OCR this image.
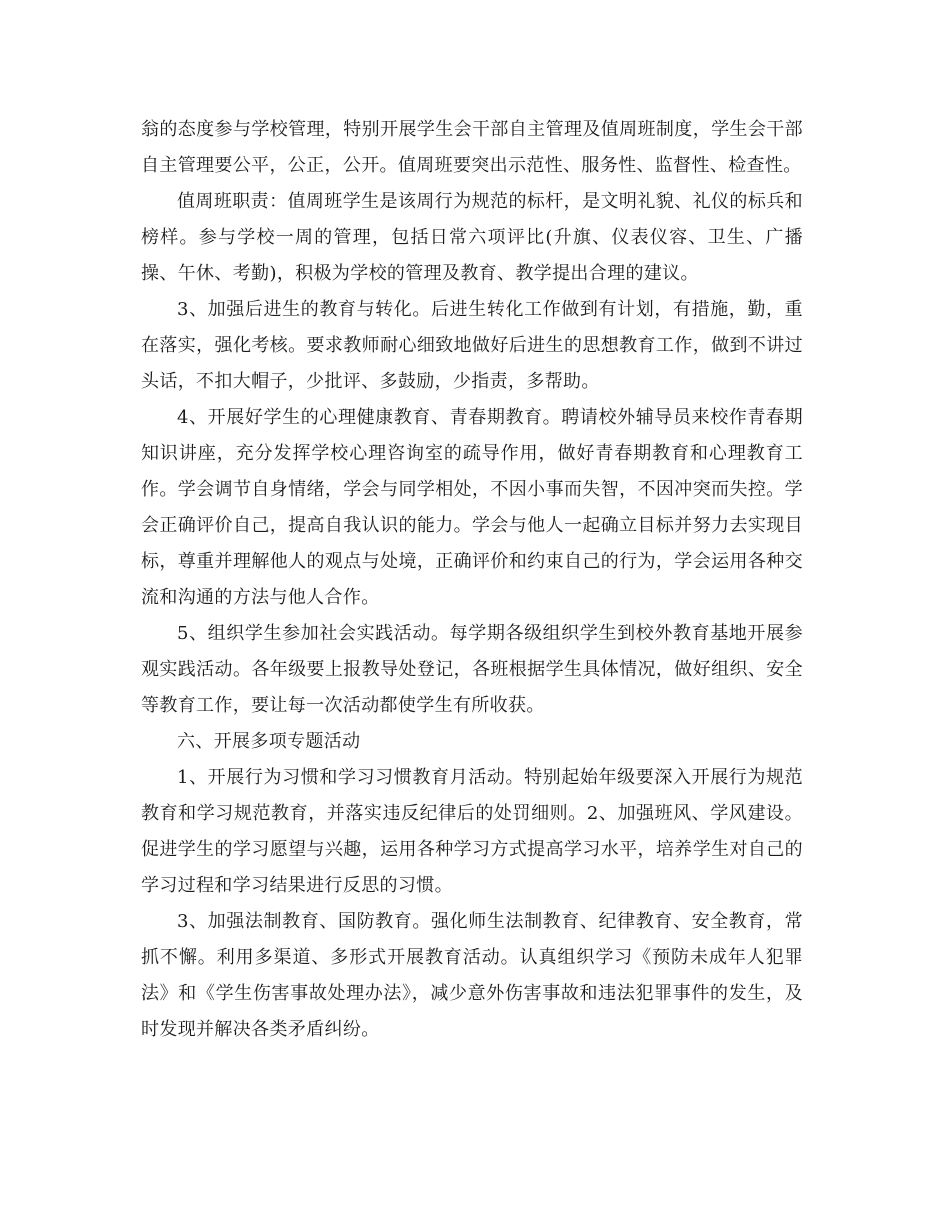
翁的态度参与学校管理，特别开展学生会干部自主管理及值周班制度，学生会干部自主管理要公平，公正，公开。值周班要突出示范性、服务性、监督性、检查性。

值周班职责：值周班学生是该周行为规范的标杆，是文明礼貌、礼仪的标兵和榜样。参与学校一周的管理，包括日常六项评比(升旗、仪表仪容、卫生、广播操、午休、考勤)，积极为学校的管理及教育、教学提出合理的建议。

3、加强后进生的教育与转化。后进生转化工作做到有计划，有措施，勤，重在落实，强化考核。要求教师耐心细致地做好后进生的思想教育工作，做到不讲过头话，不扣大帽子，少批评、多鼓励，少指责，多帮助。

4、开展好学生的心理健康教育、青春期教育。聘请校外辅导员来校作青春期知识讲座，充分发挥学校心理咨询室的疏导作用，做好青春期教育和心理教育工作。学会调节自身情绪，学会与同学相处，不因小事而失智，不因冲突而失控。学会正确评价自己，提高自我认识的能力。学会与他人一起确立目标并努力去实现目标，尊重并理解他人的观点与处境，正确评价和约束自己的行为，学会运用各种交流和沟通的方法与他人合作。

5、组织学生参加社会实践活动。每学期各级组织学生到校外教育基地开展参观实践活动。各年级要上报教导处登记，各班根据学生具体情况，做好组织、安全等教育工作，要让每一次活动都使学生有所收获。

六、开展多项专题活动

1、开展行为习惯和学习习惯教育月活动。特别起始年级要深入开展行为规范教育和学习规范教育，并落实违反纪律后的处罚细则。2、加强班风、学风建设。促进学生的学习愿望与兴趣，运用各种学习方式提高学习水平，培养学生对自己的学习过程和学习结果进行反思的习惯。

3、加强法制教育、国防教育。强化师生法制教育、纪律教育、安全教育，常抓不懈。利用多渠道、多形式开展教育活动。认真组织学习《预防未成年人犯罪法》和《学生伤害事故处理办法》，减少意外伤害事故和违法犯罪事件的发生，及时发现并解决各类矛盾纠纷。
